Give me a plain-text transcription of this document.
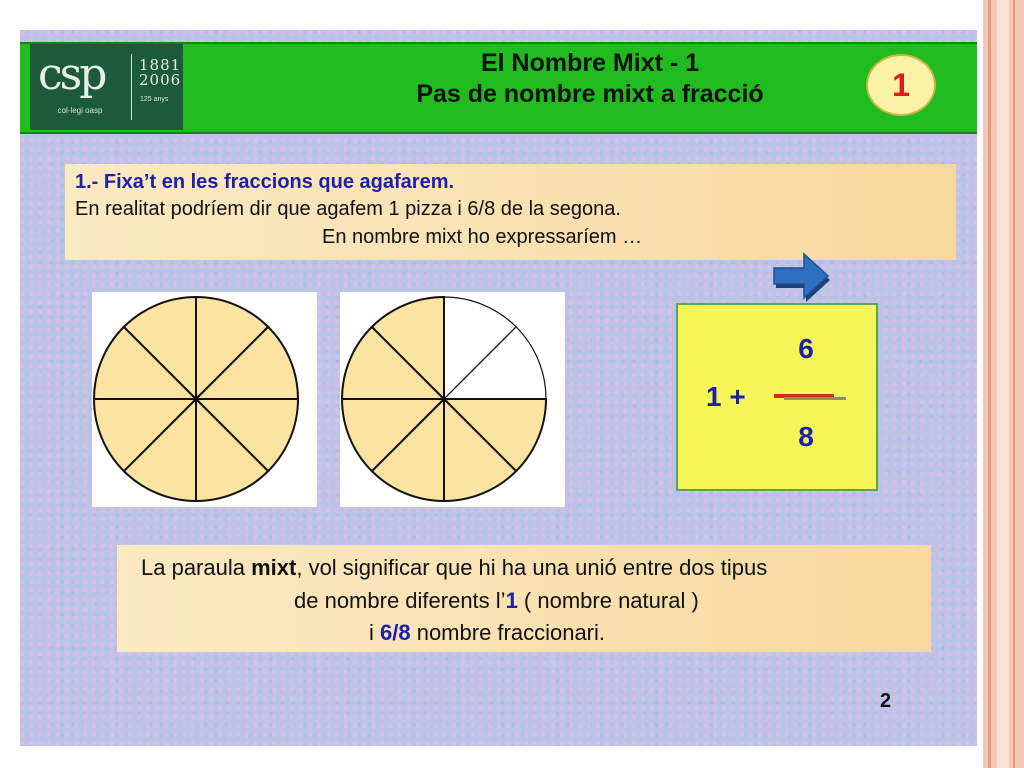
csp
col·legi oasp
1881
2006
125 anys
El Nombre Mixt - 1
Pas de nombre mixt a fracció	1
1.- Fixa’t en les fraccions que agafarem.
En realitat podríem dir que agafem 1 pizza i 6/8 de la segona.
En nombre mixt ho expressaríem …
6
1 +
8
La paraula mixt, vol significar que hi ha una unió entre dos tipus
de nombre diferents l’1 ( nombre natural )
i 6/8 nombre fraccionari.
2
